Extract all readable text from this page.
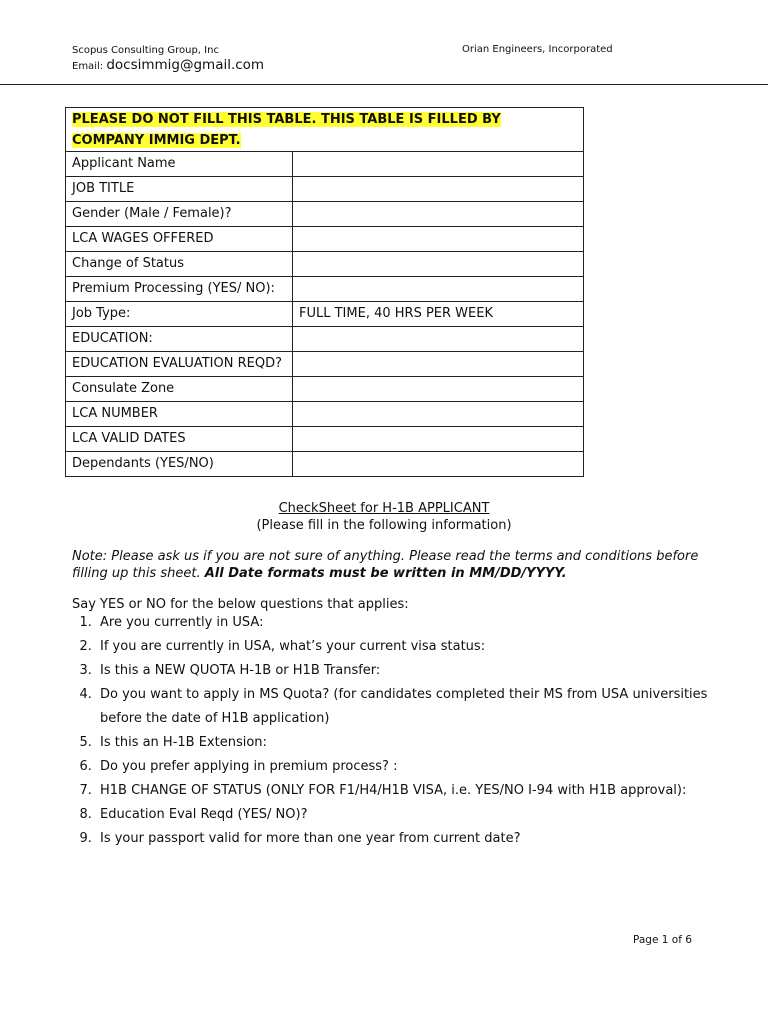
Scopus Consulting Group, Inc
Email: docsimmig@gmail.com
Orian Engineers, Incorporated
PLEASE DO NOT FILL THIS TABLE. THIS TABLE IS FILLED BY
COMPANY IMMIG DEPT.	
Applicant Name	
JOB TITLE	
Gender (Male / Female)?	
LCA WAGES OFFERED	
Change of Status	
Premium Processing (YES/ NO):	
Job Type:	FULL TIME, 40 HRS PER WEEK
EDUCATION:	
EDUCATION EVALUATION REQD?	
Consulate Zone	
LCA NUMBER	
LCA VALID DATES	
Dependants (YES/NO)	
CheckSheet for H-1B APPLICANT
(Please fill in the following information)
Note: Please ask us if you are not sure of anything. Please read the terms and conditions before filling up this sheet. All Date formats must be written in MM/DD/YYYY.
Say YES or NO for the below questions that applies:
1. Are you currently in USA:
2. If you are currently in USA, what’s your current visa status:
3. Is this a NEW QUOTA H-1B or H1B Transfer:
4. Do you want to apply in MS Quota? (for candidates completed their MS from USA universities before the date of H1B application)
5. Is this an H-1B Extension:
6. Do you prefer applying in premium process? :
7. H1B CHANGE OF STATUS (ONLY FOR F1/H4/H1B VISA, i.e. YES/NO I-94 with H1B approval):
8. Education Eval Reqd (YES/ NO)?
9. Is your passport valid for more than one year from current date?
Page 1 of 6
